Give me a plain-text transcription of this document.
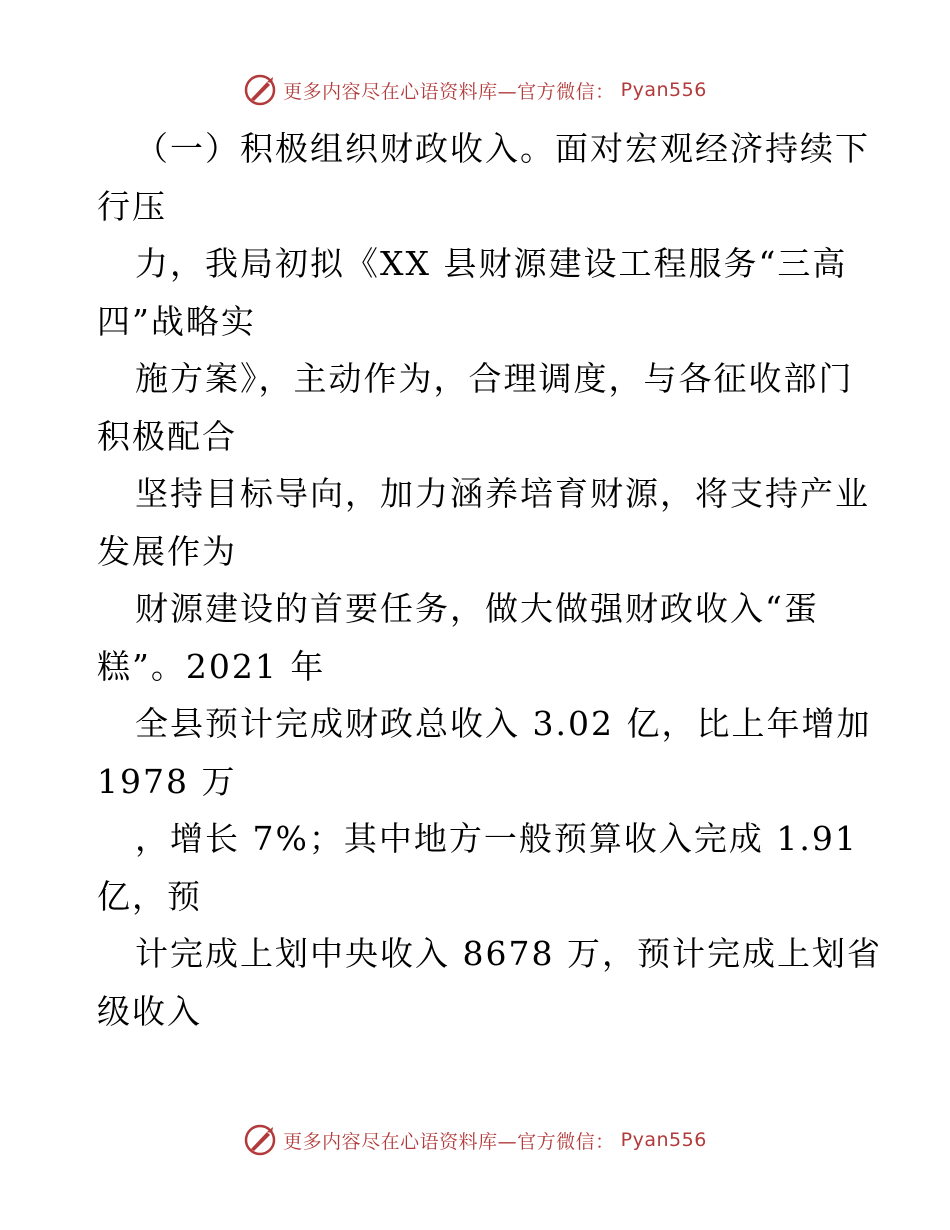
更多内容尽在心语资料库—官方微信： Pyan556
（一）积极组织财政收入。面对宏观经济持续下
行压
力，我局初拟《XX 县财源建设工程服务“三高
四”战略实
施方案》，主动作为，合理调度，与各征收部门
积极配合
坚持目标导向，加力涵养培育财源，将支持产业
发展作为
财源建设的首要任务，做大做强财政收入“蛋
糕”。2021 年
全县预计完成财政总收入 3.02 亿，比上年增加
1978 万
，增长 7%；其中地方一般预算收入完成 1.91
亿，预
计完成上划中央收入 8678 万，预计完成上划省
级收入
更多内容尽在心语资料库—官方微信： Pyan556
